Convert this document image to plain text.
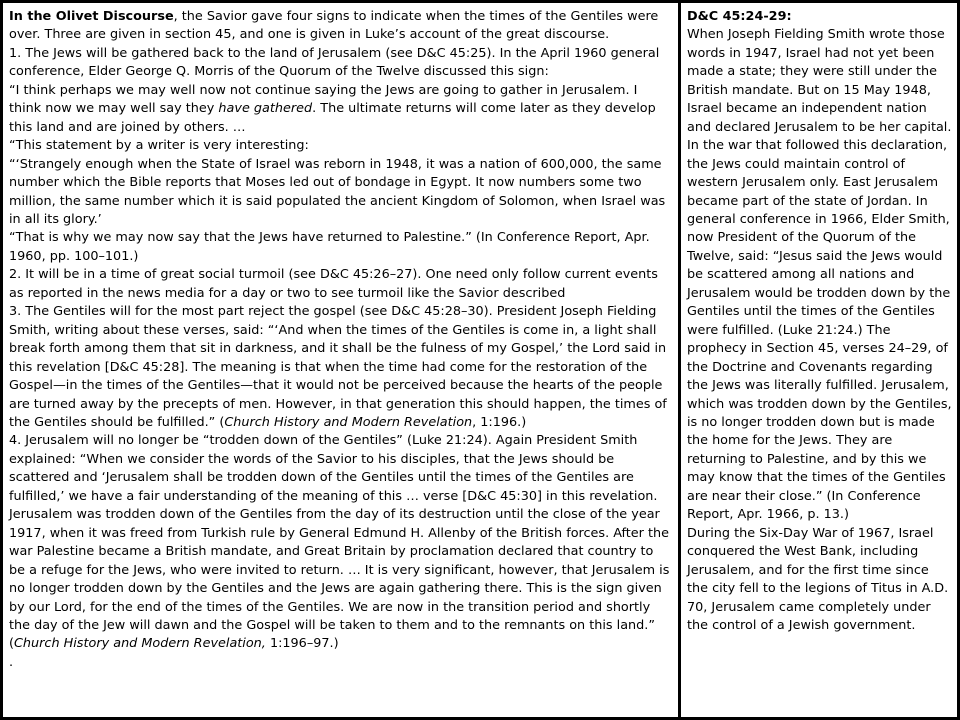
In the Olivet Discourse, the Savior gave four signs to indicate when the times of the Gentiles were over. Three are given in section 45, and one is given in Luke’s account of the great discourse.

1. The Jews will be gathered back to the land of Jerusalem (see D&C 45:25). In the April 1960 general conference, Elder George Q. Morris of the Quorum of the Twelve discussed this sign:

“I think perhaps we may well now not continue saying the Jews are going to gather in Jerusalem. I think now we may well say they have gathered. The ultimate returns will come later as they develop this land and are joined by others. …

“This statement by a writer is very interesting:

“‘Strangely enough when the State of Israel was reborn in 1948, it was a nation of 600,000, the same number which the Bible reports that Moses led out of bondage in Egypt. It now numbers some two million, the same number which it is said populated the ancient Kingdom of Solomon, when Israel was in all its glory.’

“That is why we may now say that the Jews have returned to Palestine.” (In Conference Report, Apr. 1960, pp. 100–101.)

2. It will be in a time of great social turmoil (see D&C 45:26–27). One need only follow current events as reported in the news media for a day or two to see turmoil like the Savior described

3. The Gentiles will for the most part reject the gospel (see D&C 45:28–30). President Joseph Fielding Smith, writing about these verses, said: “‘And when the times of the Gentiles is come in, a light shall break forth among them that sit in darkness, and it shall be the fulness of my Gospel,’ the Lord said in this revelation [D&C 45:28]. The meaning is that when the time had come for the restoration of the Gospel—in the times of the Gentiles—that it would not be perceived because the hearts of the people are turned away by the precepts of men. However, in that generation this should happen, the times of the Gentiles should be fulfilled.” (Church History and Modern Revelation, 1:196.)

4. Jerusalem will no longer be “trodden down of the Gentiles” (Luke 21:24). Again President Smith explained: “When we consider the words of the Savior to his disciples, that the Jews should be scattered and ‘Jerusalem shall be trodden down of the Gentiles until the times of the Gentiles are fulfilled,’ we have a fair understanding of the meaning of this … verse [D&C 45:30] in this revelation. Jerusalem was trodden down of the Gentiles from the day of its destruction until the close of the year 1917, when it was freed from Turkish rule by General Edmund H. Allenby of the British forces. After the war Palestine became a British mandate, and Great Britain by proclamation declared that country to be a refuge for the Jews, who were invited to return. … It is very significant, however, that Jerusalem is no longer trodden down by the Gentiles and the Jews are again gathering there. This is the sign given by our Lord, for the end of the times of the Gentiles. We are now in the transition period and shortly the day of the Jew will dawn and the Gospel will be taken to them and to the remnants on this land.” (Church History and Modern Revelation, 1:196–97.)

.

D&C 45:24-29:

When Joseph Fielding Smith wrote those words in 1947, Israel had not yet been made a state; they were still under the British mandate. But on 15 May 1948, Israel became an independent nation and declared Jerusalem to be her capital. In the war that followed this declaration, the Jews could maintain control of western Jerusalem only. East Jerusalem became part of the state of Jordan. In general conference in 1966, Elder Smith, now President of the Quorum of the Twelve, said: “Jesus said the Jews would be scattered among all nations and Jerusalem would be trodden down by the Gentiles until the times of the Gentiles were fulfilled. (Luke 21:24.) The prophecy in Section 45, verses 24–29, of the Doctrine and Covenants regarding the Jews was literally fulfilled. Jerusalem, which was trodden down by the Gentiles, is no longer trodden down but is made the home for the Jews. They are returning to Palestine, and by this we may know that the times of the Gentiles are near their close.” (In Conference Report, Apr. 1966, p. 13.)

During the Six-Day War of 1967, Israel conquered the West Bank, including Jerusalem, and for the first time since the city fell to the legions of Titus in A.D. 70, Jerusalem came completely under the control of a Jewish government.
